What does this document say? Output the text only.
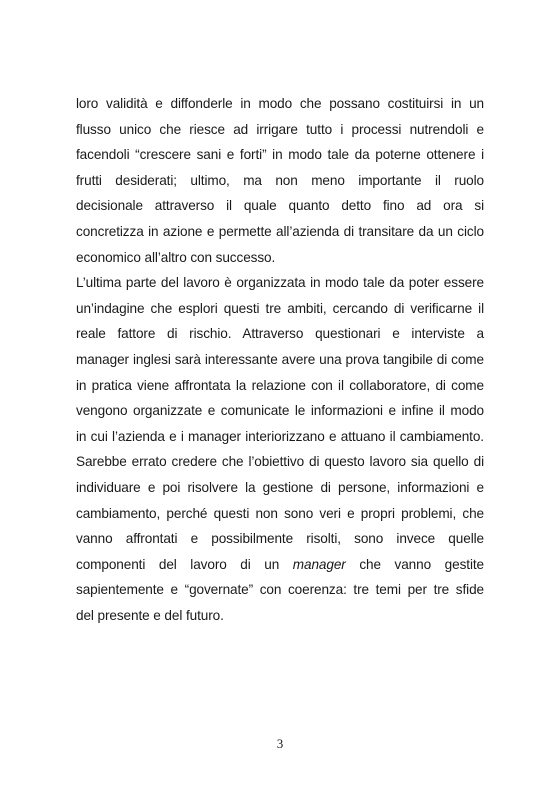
loro validità e diffonderle in modo che possano costituirsi in un
flusso unico che riesce ad irrigare tutto i processi nutrendoli e
facendoli “crescere sani e forti” in modo tale da poterne ottenere i
frutti desiderati; ultimo, ma non meno importante il ruolo
decisionale attraverso il quale quanto detto fino ad ora si
concretizza in azione e permette all’azienda di transitare da un ciclo
economico all’altro con successo.
L’ultima parte del lavoro è organizzata in modo tale da poter essere
un’indagine che esplori questi tre ambiti, cercando di verificarne il
reale fattore di rischio. Attraverso questionari e interviste a
manager inglesi sarà interessante avere una prova tangibile di come
in pratica viene affrontata la relazione con il collaboratore, di come
vengono organizzate e comunicate le informazioni e infine il modo
in cui l’azienda e i manager interiorizzano e attuano il cambiamento.
Sarebbe errato credere che l’obiettivo di questo lavoro sia quello di
individuare e poi risolvere la gestione di persone, informazioni e
cambiamento, perché questi non sono veri e propri problemi, che
vanno affrontati e possibilmente risolti, sono invece quelle
componenti del lavoro di un manager che vanno gestite
sapientemente e “governate” con coerenza: tre temi per tre sfide
del presente e del futuro.
3
